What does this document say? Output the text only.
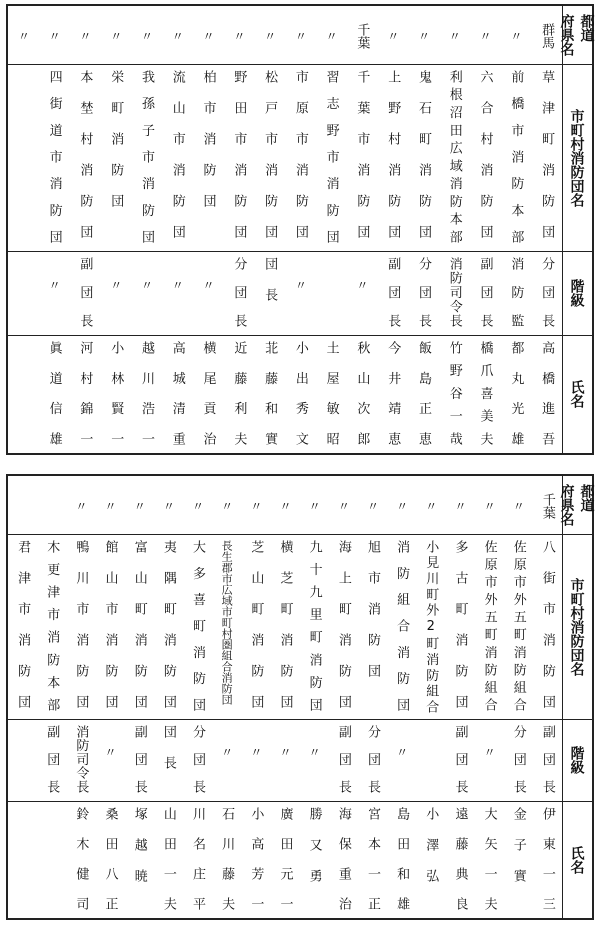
都道
府県名
群馬
〃
〃
〃
〃
〃
千葉
〃
〃
〃
〃
〃
〃
〃
〃
〃
〃
〃
市町村消防団名
草津町消防団
前橋市消防本部
六合村消防団
利根沼田広域消防本部
鬼石町消防団
上野村消防団
千葉市消防団
習志野市消防団
市原市消防団
松戸市消防団
野田市消防団
柏市消防団
流山市消防団
我孫子市消防団
栄町消防団
本埜村消防団
四街道市消防団
階級
分団長
消防監
副団長
消防司令長
分団長
副団長
〃
〃
団長
分団長
〃
〃
〃
〃
副団長
〃
氏名
高橋進吾
都丸光雄
橋爪喜美夫
竹野谷一哉
飯島正恵
今井靖恵
秋山次郎
土屋敏昭
小出秀文
苝藤和實
近藤利夫
横尾貢治
高城清重
越川浩一
小林賢一
河村錦一
眞道信雄
都道
府県名
千葉
〃
〃
〃
〃
〃
〃
〃
〃
〃
〃
〃
〃
〃
〃
〃
〃
市町村消防団名
八街市消防団
佐原市外五町消防組合
佐原市外五町消防組合
多古町消防団
小見川町外2町消防組合
消防組合消防団
旭市消防団
海上町消防団
九十九里町消防団
横芝町消防団
芝山町消防団
長生郡市広域市町村圏組合消防団
大多喜町消防団
夷隅町消防団
富山町消防団
館山市消防団
鴨川市消防団
木更津市消防本部
君津市消防団
階級
副団長
分団長
〃
副団長
〃
分団長
副団長
〃
〃
〃
〃
分団長
団長
副団長
〃
消防司令長
副団長
氏名
伊東一三
金子實
大矢一夫
遠藤典良
小澤弘
島田和雄
宮本一正
海保重治
勝又勇
廣田元一
小高芳一
石川藤夫
川名庄平
山田一夫
塚越暁
桑田八正
鈴木健司
